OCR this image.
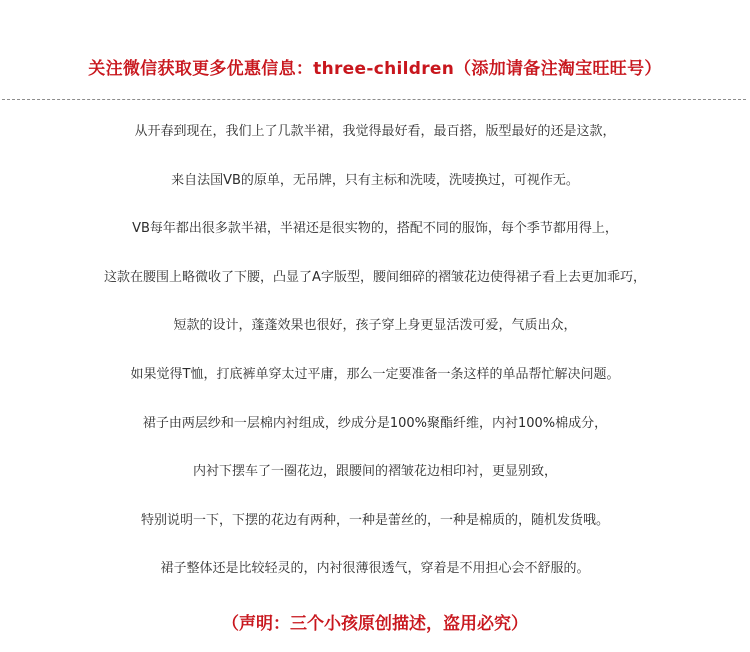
关注微信获取更多优惠信息：three-children（添加请备注淘宝旺旺号）
从开春到现在，我们上了几款半裙，我觉得最好看，最百搭，版型最好的还是这款，
来自法国VB的原单，无吊牌，只有主标和洗唛，洗唛换过，可视作无。
VB每年都出很多款半裙，半裙还是很实物的，搭配不同的服饰，每个季节都用得上，
这款在腰围上略微收了下腰，凸显了A字版型，腰间细碎的褶皱花边使得裙子看上去更加乖巧，
短款的设计，蓬蓬效果也很好，孩子穿上身更显活泼可爱，气质出众，
如果觉得T恤，打底裤单穿太过平庸，那么一定要准备一条这样的单品帮忙解决问题。
裙子由两层纱和一层棉内衬组成，纱成分是100%聚酯纤维，内衬100%棉成分，
内衬下摆车了一圈花边，跟腰间的褶皱花边相印衬，更显别致，
特别说明一下，下摆的花边有两种，一种是蕾丝的，一种是棉质的，随机发货哦。
裙子整体还是比较轻灵的，内衬很薄很透气，穿着是不用担心会不舒服的。
（声明：三个小孩原创描述，盗用必究）
